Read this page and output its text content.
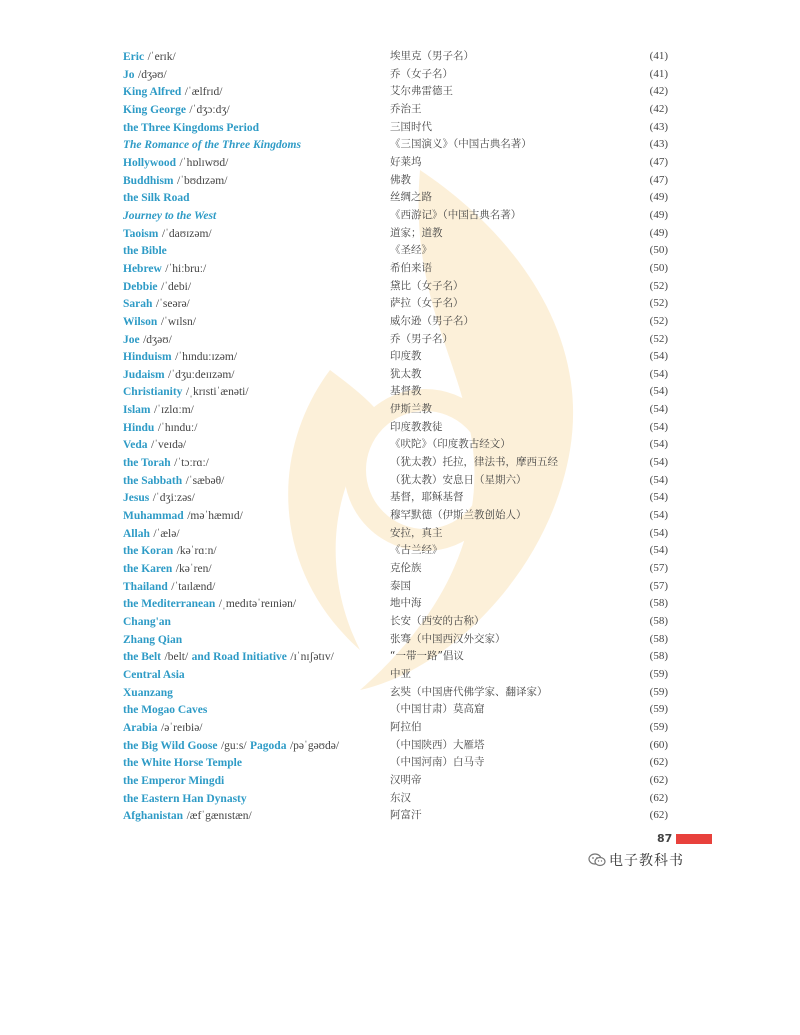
Eric /ˈerɪk/	埃里克（男子名）	(41)
Jo /dʒəʊ/	乔（女子名）	(41)
King Alfred /ˈælfrɪd/	艾尔弗雷德王	(42)
King George /ˈdʒɔːdʒ/	乔治王	(42)
the Three Kingdoms Period	三国时代	(43)
The Romance of the Three Kingdoms	《三国演义》（中国古典名著）	(43)
Hollywood /ˈhɒlɪwʊd/	好莱坞	(47)
Buddhism /ˈbʊdɪzəm/	佛教	(47)
the Silk Road	丝绸之路	(49)
Journey to the West	《西游记》（中国古典名著）	(49)
Taoism /ˈdaʊɪzəm/	道家；道教	(49)
the Bible	《圣经》	(50)
Hebrew /ˈhiːbruː/	希伯来语	(50)
Debbie /ˈdebi/	黛比（女子名）	(52)
Sarah /ˈseərə/	萨拉（女子名）	(52)
Wilson /ˈwɪlsn/	威尔逊（男子名）	(52)
Joe /dʒəʊ/	乔（男子名）	(52)
Hinduism /ˈhɪnduːɪzəm/	印度教	(54)
Judaism /ˈdʒuːdeɪɪzəm/	犹太教	(54)
Christianity /ˌkrɪstiˈænəti/	基督教	(54)
Islam /ˈɪzlɑːm/	伊斯兰教	(54)
Hindu /ˈhɪnduː/	印度教教徒	(54)
Veda /ˈveɪdə/	《吠陀》（印度教古经文）	(54)
the Torah /ˈtɔːrɑː/	（犹太教）托拉，律法书，摩西五经	(54)
the Sabbath /ˈsæbəθ/	（犹太教）安息日（星期六）	(54)
Jesus /ˈdʒiːzəs/	基督，耶稣基督	(54)
Muhammad /məˈhæmɪd/	穆罕默德（伊斯兰教创始人）	(54)
Allah /ˈælə/	安拉，真主	(54)
the Koran /kəˈrɑːn/	《古兰经》	(54)
the Karen /kəˈren/	克伦族	(57)
Thailand /ˈtaɪlænd/	泰国	(57)
the Mediterranean /ˌmedɪtəˈreɪniən/	地中海	(58)
Chang'an	长安（西安的古称）	(58)
Zhang Qian	张骞（中国西汉外交家）	(58)
the Belt /belt/ and Road Initiative /ɪˈnɪʃətɪv/	“一带一路”倡议	(58)
Central Asia	中亚	(59)
Xuanzang	玄奘（中国唐代佛学家、翻译家）	(59)
the Mogao Caves	（中国甘肃）莫高窟	(59)
Arabia /əˈreɪbiə/	阿拉伯	(59)
the Big Wild Goose /guːs/ Pagoda /pəˈgəʊdə/	（中国陕西）大雁塔	(60)
the White Horse Temple	（中国河南）白马寺	(62)
the Emperor Mingdi	汉明帝	(62)
the Eastern Han Dynasty	东汉	(62)
Afghanistan /æfˈgænɪstæn/	阿富汗	(62)
87
电子教科书
